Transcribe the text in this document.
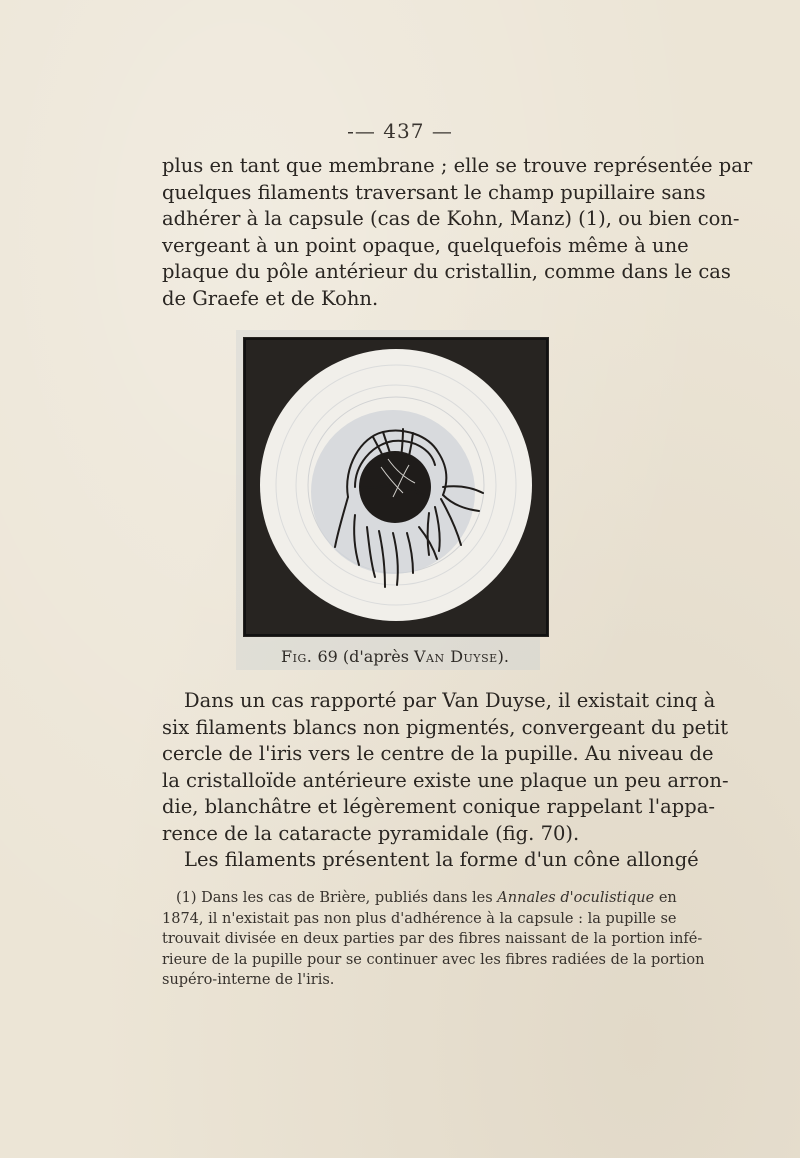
-— 437 —
plus en tant que membrane ; elle se trouve représentée par
quelques filaments traversant le champ pupillaire sans
adhérer à la capsule (cas de Kohn, Manz) (1), ou bien con-
vergeant à un point opaque, quelquefois même à une
plaque du pôle antérieur du cristallin, comme dans le cas
de Graefe et de Kohn.
Fig. 69 (d'après Van Duyse).
Dans un cas rapporté par Van Duyse, il existait cinq à
six filaments blancs non pigmentés, convergeant du petit
cercle de l'iris vers le centre de la pupille. Au niveau de
la cristalloïde antérieure existe une plaque un peu arron-
die, blanchâtre et légèrement conique rappelant l'appa-
rence de la cataracte pyramidale (fig. 70).
Les filaments présentent la forme d'un cône allongé
(1) Dans les cas de Brière, publiés dans les Annales d'oculistique en
1874, il n'existait pas non plus d'adhérence à la capsule : la pupille se
trouvait divisée en deux parties par des fibres naissant de la portion infé-
rieure de la pupille pour se continuer avec les fibres radiées de la portion
supéro-interne de l'iris.
